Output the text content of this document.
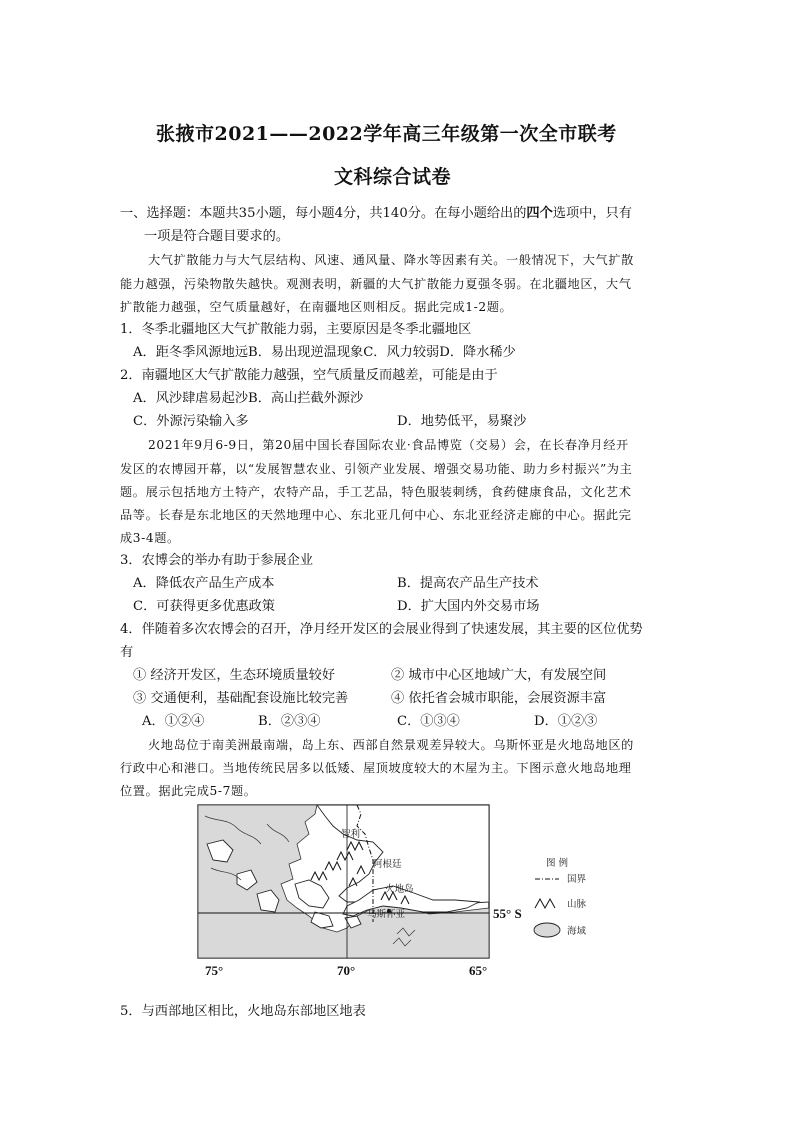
张掖市2021——2022学年高三年级第一次全市联考
文科综合试卷
一、选择题：本题共35小题，每小题4分，共140分。在每小题给出的四个选项中，只有
一项是符合题目要求的。
大气扩散能力与大气层结构、风速、通风量、降水等因素有关。一般情况下，大气扩散
能力越强，污染物散失越快。观测表明，新疆的大气扩散能力夏强冬弱。在北疆地区，大气
扩散能力越强，空气质量越好，在南疆地区则相反。据此完成1-2题。
1．冬季北疆地区大气扩散能力弱，主要原因是冬季北疆地区
A．距冬季风源地远B．易出现逆温现象C．风力较弱D．降水稀少
2．南疆地区大气扩散能力越强，空气质量反而越差，可能是由于
A．风沙肆虐易起沙B．高山拦截外源沙
C．外源污染输入多	D．地势低平，易聚沙
2021年9月6-9日，第20届中国长春国际农业·食品博览（交易）会，在长春净月经开
发区的农博园开幕，以“发展智慧农业、引领产业发展、增强交易功能、助力乡村振兴”为主
题。展示包括地方土特产，农特产品，手工艺品，特色服装刺绣，食药健康食品，文化艺术
品等。长春是东北地区的天然地理中心、东北亚几何中心、东北亚经济走廊的中心。据此完
成3-4题。
3．农博会的举办有助于参展企业
A．降低农产品生产成本	B．提高农产品生产技术
C．可获得更多优惠政策	D．扩大国内外交易市场
4．伴随着多次农博会的召开，净月经开发区的会展业得到了快速发展，其主要的区位优势
有
① 经济开发区，生态环境质量较好	② 城市中心区地域广大，有发展空间
③ 交通便利，基础配套设施比较完善	④ 依托省会城市职能，会展资源丰富
A．①②④	B．②③④	C．①③④	D．①②③
火地岛位于南美洲最南端，岛上东、西部自然景观差异较大。乌斯怀亚是火地岛地区的
行政中心和港口。当地传统民居多以低矮、屋顶坡度较大的木屋为主。下图示意火地岛地理
位置。据此完成5-7题。
智利
阿根廷
火地岛
乌斯怀亚	55° S
75°	70°	65°
图 例
国界
山脉
海域
5．与西部地区相比，火地岛东部地区地表
